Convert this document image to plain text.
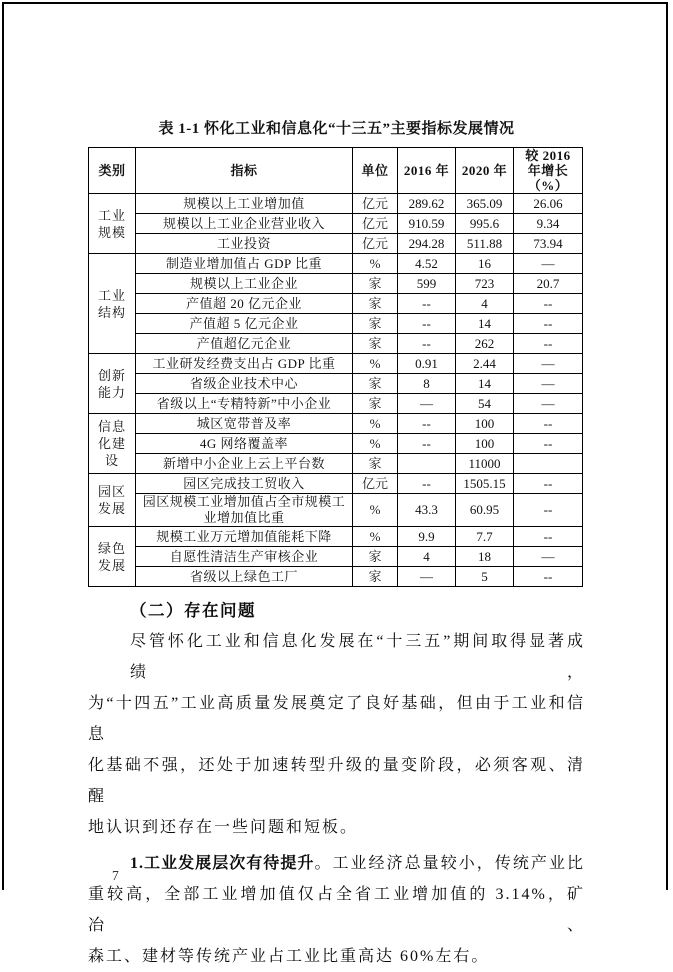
表 1-1 怀化工业和信息化“十三五”主要指标发展情况
类别	指标	单位	2016 年	2020 年	较 2016 年增长（%）
工业规模	规模以上工业增加值	亿元	289.62	365.09	26.06
	规模以上工业企业营业收入	亿元	910.59	995.6	9.34
	工业投资	亿元	294.28	511.88	73.94
工业结构	制造业增加值占 GDP 比重	%	4.52	16	—
	规模以上工业企业	家	599	723	20.7
	产值超 20 亿元企业	家	--	4	--
	产值超 5 亿元企业	家	--	14	--
	产值超亿元企业	家	--	262	--
创新能力	工业研发经费支出占 GDP 比重	%	0.91	2.44	—
	省级企业技术中心	家	8	14	—
	省级以上“专精特新”中小企业	家	—	54	—
信息化建设	城区宽带普及率	%	--	100	--
	4G 网络覆盖率	%	--	100	--
	新增中小企业上云上平台数	家		11000	
园区发展	园区完成技工贸收入	亿元	--	1505.15	--
	园区规模工业增加值占全市规模工业增加值比重	%	43.3	60.95	--
绿色发展	规模工业万元增加值能耗下降	%	9.9	7.7	--
	自愿性清洁生产审核企业	家	4	18	—
	省级以上绿色工厂	家	—	5	--
（二）存在问题
尽管怀化工业和信息化发展在“十三五”期间取得显著成绩，
为“十四五”工业高质量发展奠定了良好基础，但由于工业和信息
化基础不强，还处于加速转型升级的量变阶段，必须客观、清醒
地认识到还存在一些问题和短板。
1.工业发展层次有待提升。工业经济总量较小，传统产业比
重较高，全部工业增加值仅占全省工业增加值的 3.14%，矿冶、
森工、建材等传统产业占工业比重高达 60%左右。
7
